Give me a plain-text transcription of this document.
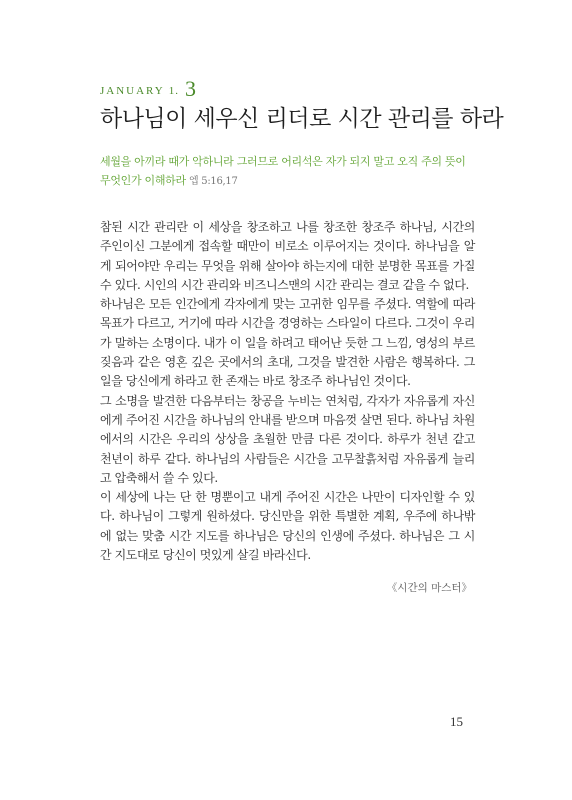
JANUARY 1. 3
하나님이 세우신 리더로 시간 관리를 하라
세월을 아끼라 때가 악하니라 그러므로 어리석은 자가 되지 말고 오직 주의 뜻이 무엇인가 이해하라 엡 5:16,17

참된 시간 관리란 이 세상을 창조하고 나를 창조한 창조주 하나님, 시간의 주인이신 그분에게 접속할 때만이 비로소 이루어지는 것이다. 하나님을 알게 되어야만 우리는 무엇을 위해 살아야 하는지에 대한 분명한 목표를 가질 수 있다. 시인의 시간 관리와 비즈니스맨의 시간 관리는 결코 같을 수 없다.

하나님은 모든 인간에게 각자에게 맞는 고귀한 임무를 주셨다. 역할에 따라 목표가 다르고, 거기에 따라 시간을 경영하는 스타일이 다르다. 그것이 우리가 말하는 소명이다. 내가 이 일을 하려고 태어난 듯한 그 느낌, 영성의 부르짖음과 같은 영혼 깊은 곳에서의 초대, 그것을 발견한 사람은 행복하다. 그 일을 당신에게 하라고 한 존재는 바로 창조주 하나님인 것이다.

그 소명을 발견한 다음부터는 창공을 누비는 연처럼, 각자가 자유롭게 자신에게 주어진 시간을 하나님의 안내를 받으며 마음껏 살면 된다. 하나님 차원에서의 시간은 우리의 상상을 초월한 만큼 다른 것이다. 하루가 천년 같고 천년이 하루 같다. 하나님의 사람들은 시간을 고무찰흙처럼 자유롭게 늘리고 압축해서 쓸 수 있다.

이 세상에 나는 단 한 명뿐이고 내게 주어진 시간은 나만이 디자인할 수 있다. 하나님이 그렇게 원하셨다. 당신만을 위한 특별한 계획, 우주에 하나밖에 없는 맞춤 시간 지도를 하나님은 당신의 인생에 주셨다. 하나님은 그 시간 지도대로 당신이 멋있게 살길 바라신다.

《시간의 마스터》
15
